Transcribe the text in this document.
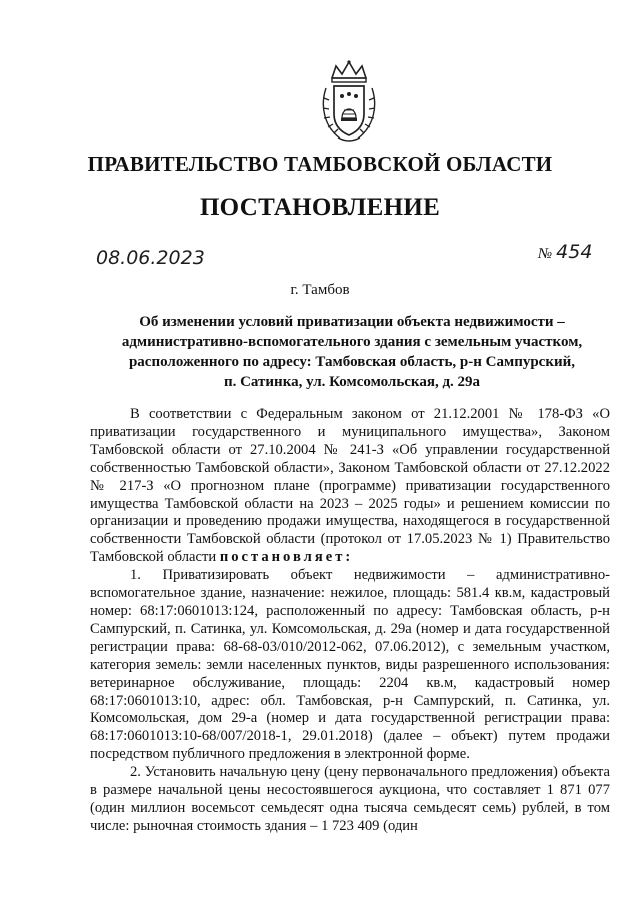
ПРАВИТЕЛЬСТВО ТАМБОВСКОЙ ОБЛАСТИ
ПОСТАНОВЛЕНИЕ
08.06.2023	№ 454
г. Тамбов
Об изменении условий приватизации объекта недвижимости –
административно-вспомогательного здания с земельным участком,
расположенного по адресу: Тамбовская область, р-н Сампурский,
п. Сатинка, ул. Комсомольская, д. 29а

В соответствии с Федеральным законом от 21.12.2001 № 178-ФЗ «О приватизации государственного и муниципального имущества», Законом Тамбовской области от 27.10.2004 № 241-З «Об управлении государственной собственностью Тамбовской области», Законом Тамбовской области от 27.12.2022 № 217-З «О прогнозном плане (программе) приватизации государственного имущества Тамбовской области на 2023 – 2025 годы» и решением комиссии по организации и проведению продажи имущества, находящегося в государственной собственности Тамбовской области (протокол от 17.05.2023 № 1) Правительство Тамбовской области постановляет:

1. Приватизировать объект недвижимости – административно-вспомогательное здание, назначение: нежилое, площадь: 581.4 кв.м, кадастровый номер: 68:17:0601013:124, расположенный по адресу: Тамбовская область, р-н Сампурский, п. Сатинка, ул. Комсомольская, д. 29а (номер и дата государственной регистрации права: 68-68-03/010/2012-062, 07.06.2012), с земельным участком, категория земель: земли населенных пунктов, виды разрешенного использования: ветеринарное обслуживание, площадь: 2204 кв.м, кадастровый номер 68:17:0601013:10, адрес: обл. Тамбовская, р-н Сампурский, п. Сатинка, ул. Комсомольская, дом 29-а (номер и дата государственной регистрации права: 68:17:0601013:10-68/007/2018-1, 29.01.2018) (далее – объект) путем продажи посредством публичного предложения в электронной форме.

2. Установить начальную цену (цену первоначального предложения) объекта в размере начальной цены несостоявшегося аукциона, что составляет 1 871 077 (один миллион восемьсот семьдесят одна тысяча семьдесят семь) рублей, в том числе: рыночная стоимость здания – 1 723 409 (один
